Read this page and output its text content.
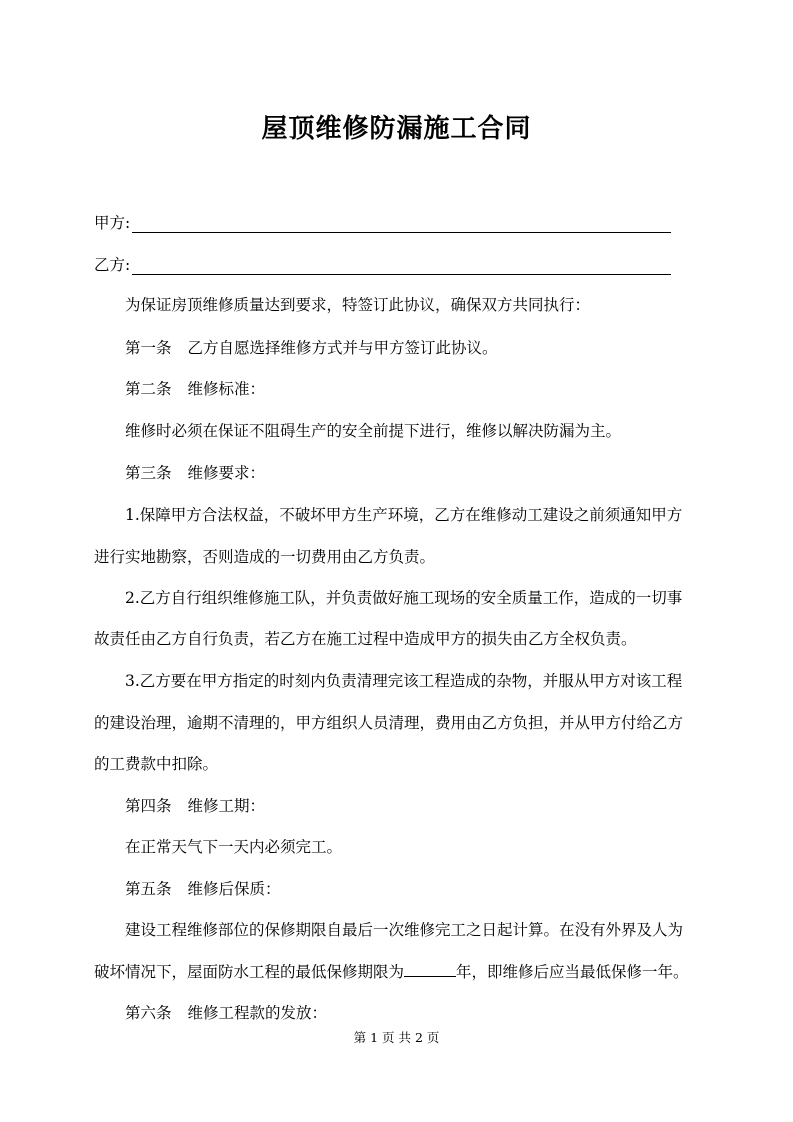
屋顶维修防漏施工合同
甲方:
乙方:
为保证房顶维修质量达到要求，特签订此协议，确保双方共同执行：
第一条 乙方自愿选择维修方式并与甲方签订此协议。
第二条 维修标准：
维修时必须在保证不阻碍生产的安全前提下进行，维修以解决防漏为主。
第三条 维修要求：
1.保障甲方合法权益，不破坏甲方生产环境，乙方在维修动工建设之前须通知甲方
进行实地勘察，否则造成的一切费用由乙方负责。
2.乙方自行组织维修施工队，并负责做好施工现场的安全质量工作，造成的一切事
故责任由乙方自行负责，若乙方在施工过程中造成甲方的损失由乙方全权负责。
3.乙方要在甲方指定的时刻内负责清理完该工程造成的杂物，并服从甲方对该工程
的建设治理，逾期不清理的，甲方组织人员清理，费用由乙方负担，并从甲方付给乙方
的工费款中扣除。
第四条 维修工期：
在正常天气下一天内必须完工。
第五条 维修后保质：
建设工程维修部位的保修期限自最后一次维修完工之日起计算。在没有外界及人为
破坏情况下，屋面防水工程的最低保修期限为	年，即维修后应当最低保修一年。
第六条 维修工程款的发放：
第 1 页 共 2 页
